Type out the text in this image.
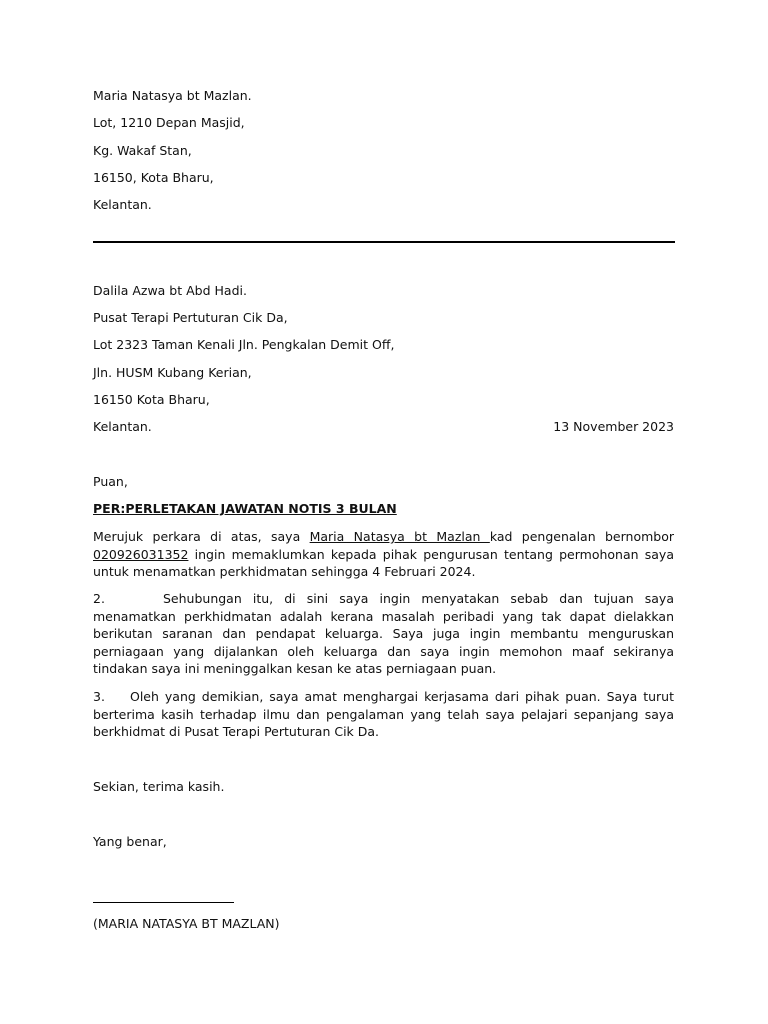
Maria Natasya bt Mazlan.
Lot, 1210 Depan Masjid,
Kg. Wakaf Stan,
16150, Kota Bharu,
Kelantan.
Dalila Azwa bt Abd Hadi.
Pusat Terapi Pertuturan Cik Da,
Lot 2323 Taman Kenali Jln. Pengkalan Demit Off,
Jln. HUSM Kubang Kerian,
16150 Kota Bharu,
Kelantan.	13 November 2023
Puan,
PER:PERLETAKAN JAWATAN NOTIS 3 BULAN
Merujuk perkara di atas, saya Maria Natasya bt Mazlan kad pengenalan bernombor 020926031352 ingin memaklumkan kepada pihak pengurusan tentang permohonan saya untuk menamatkan perkhidmatan sehingga 4 Februari 2024.
2.	Sehubungan itu, di sini saya ingin menyatakan sebab dan tujuan saya menamatkan perkhidmatan adalah kerana masalah peribadi yang tak dapat dielakkan berikutan saranan dan pendapat keluarga. Saya juga ingin membantu menguruskan perniagaan yang dijalankan oleh keluarga dan saya ingin memohon maaf sekiranya tindakan saya ini meninggalkan kesan ke atas perniagaan puan.
3. Oleh yang demikian, saya amat menghargai kerjasama dari pihak puan. Saya turut berterima kasih terhadap ilmu dan pengalaman yang telah saya pelajari sepanjang saya berkhidmat di Pusat Terapi Pertuturan Cik Da.
Sekian, terima kasih.
Yang benar,
(MARIA NATASYA BT MAZLAN)
